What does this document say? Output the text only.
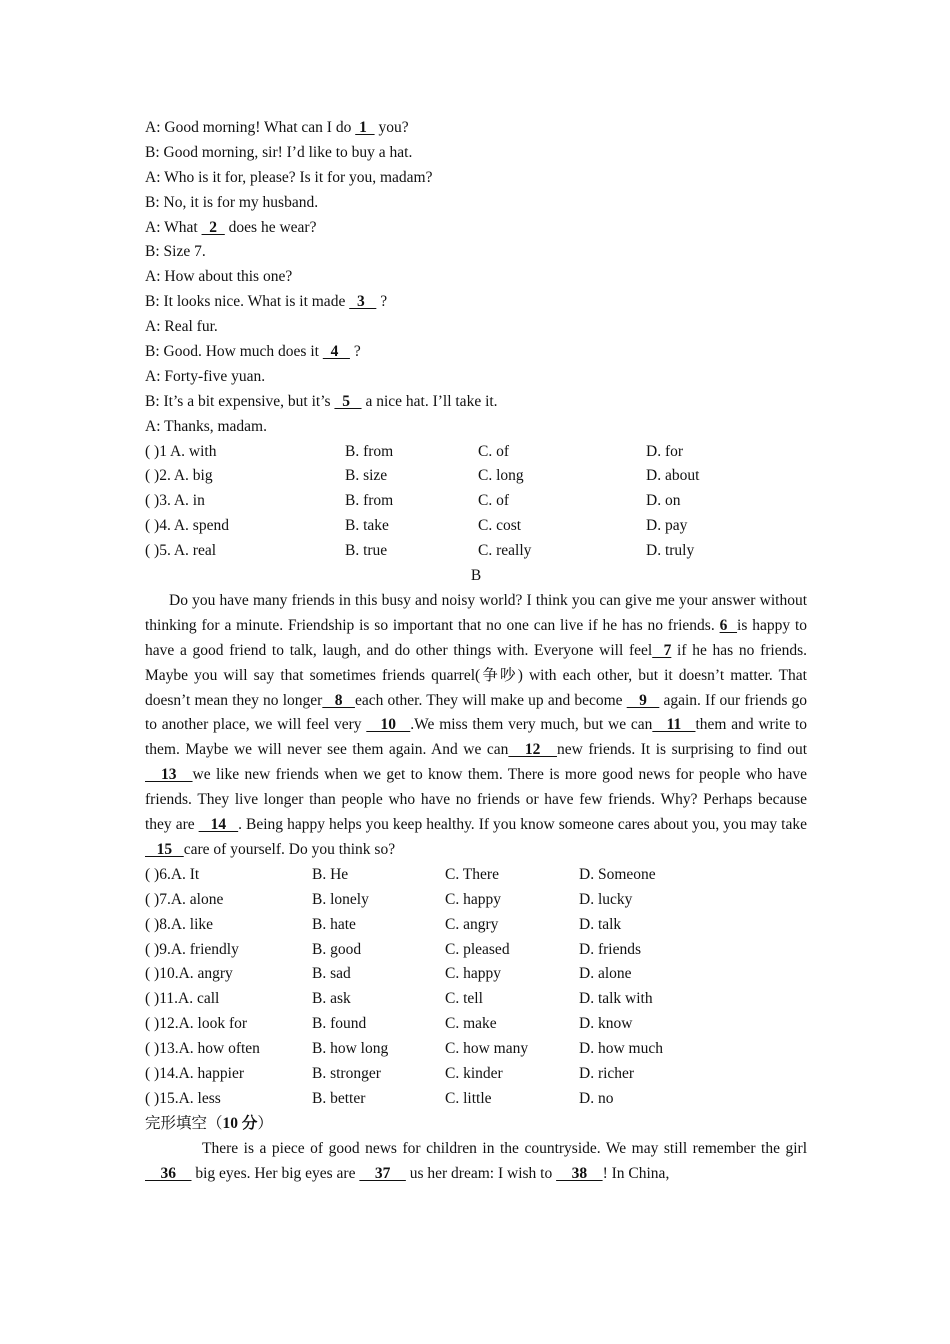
A: Good morning! What can I do  1   you?
B: Good morning, sir! I’d like to buy a hat.
A: Who is it for, please? Is it for you, madam?
B: No, it is for my husband.
A: What   2   does he wear?
B: Size 7.
A: How about this one?
B: It looks nice. What is it made   3    ?
A: Real fur.
B: Good. How much does it   4    ?
A: Forty-five yuan.
B: It’s a bit expensive, but it’s   5    a nice hat. I’ll take it.
A: Thanks, madam.
( )1 A. with	B. from	C. of	D. for
( )2. A. big	B. size	C. long	D. about
( )3. A. in	B. from	C. of	D. on
( )4. A. spend	B. take	C. cost	D. pay
( )5. A. real	B. true	C. really	D. truly
B
Do you have many friends in this busy and noisy world? I think you can give me your answer without thinking for a minute. Friendship is so important that no one can live if he has no friends. 6  is happy to have a good friend to talk, laugh, and do other things with. Everyone will feel  7 if he has no friends. Maybe you will say that sometimes friends quarrel(争吵) with each other, but it doesn’t matter. That doesn’t mean they no longer   8   each other. They will make up and become    9    again. If our friends go to another place, we will feel very    10   .We miss them very much, but we can   11   them and write to them. Maybe we will never see them again. And we can   12   new friends. It is surprising to find out   13   we like new friends when we get to know them. There is more good news for people who have friends. They live longer than people who have no friends or have few friends. Why? Perhaps because they are    14   . Being happy helps you keep healthy. If you know someone cares about you, you may take    15   care of yourself. Do you think so?
( )6.A. It	B. He	C. There	D. Someone
( )7.A. alone	B. lonely	C. happy	D. lucky
( )8.A. like	B. hate	C. angry	D. talk
( )9.A. friendly	B. good	C. pleased	D. friends
( )10.A. angry	B. sad	C. happy	D. alone
( )11.A. call	B. ask	C. tell	D. talk with
( )12.A. look for	B. found	C. make	D. know
( )13.A. how often	B. how long	C. how many	D. how much
( )14.A. happier	B. stronger	C. kinder	D. richer
( )15.A. less	B. better	C. little	D. no
完形填空（10 分）
There is a piece of good news for children in the countryside. We may still remember the girl     36     big eyes. Her big eyes are     37     us her dream: I wish to     38    ! In China,
